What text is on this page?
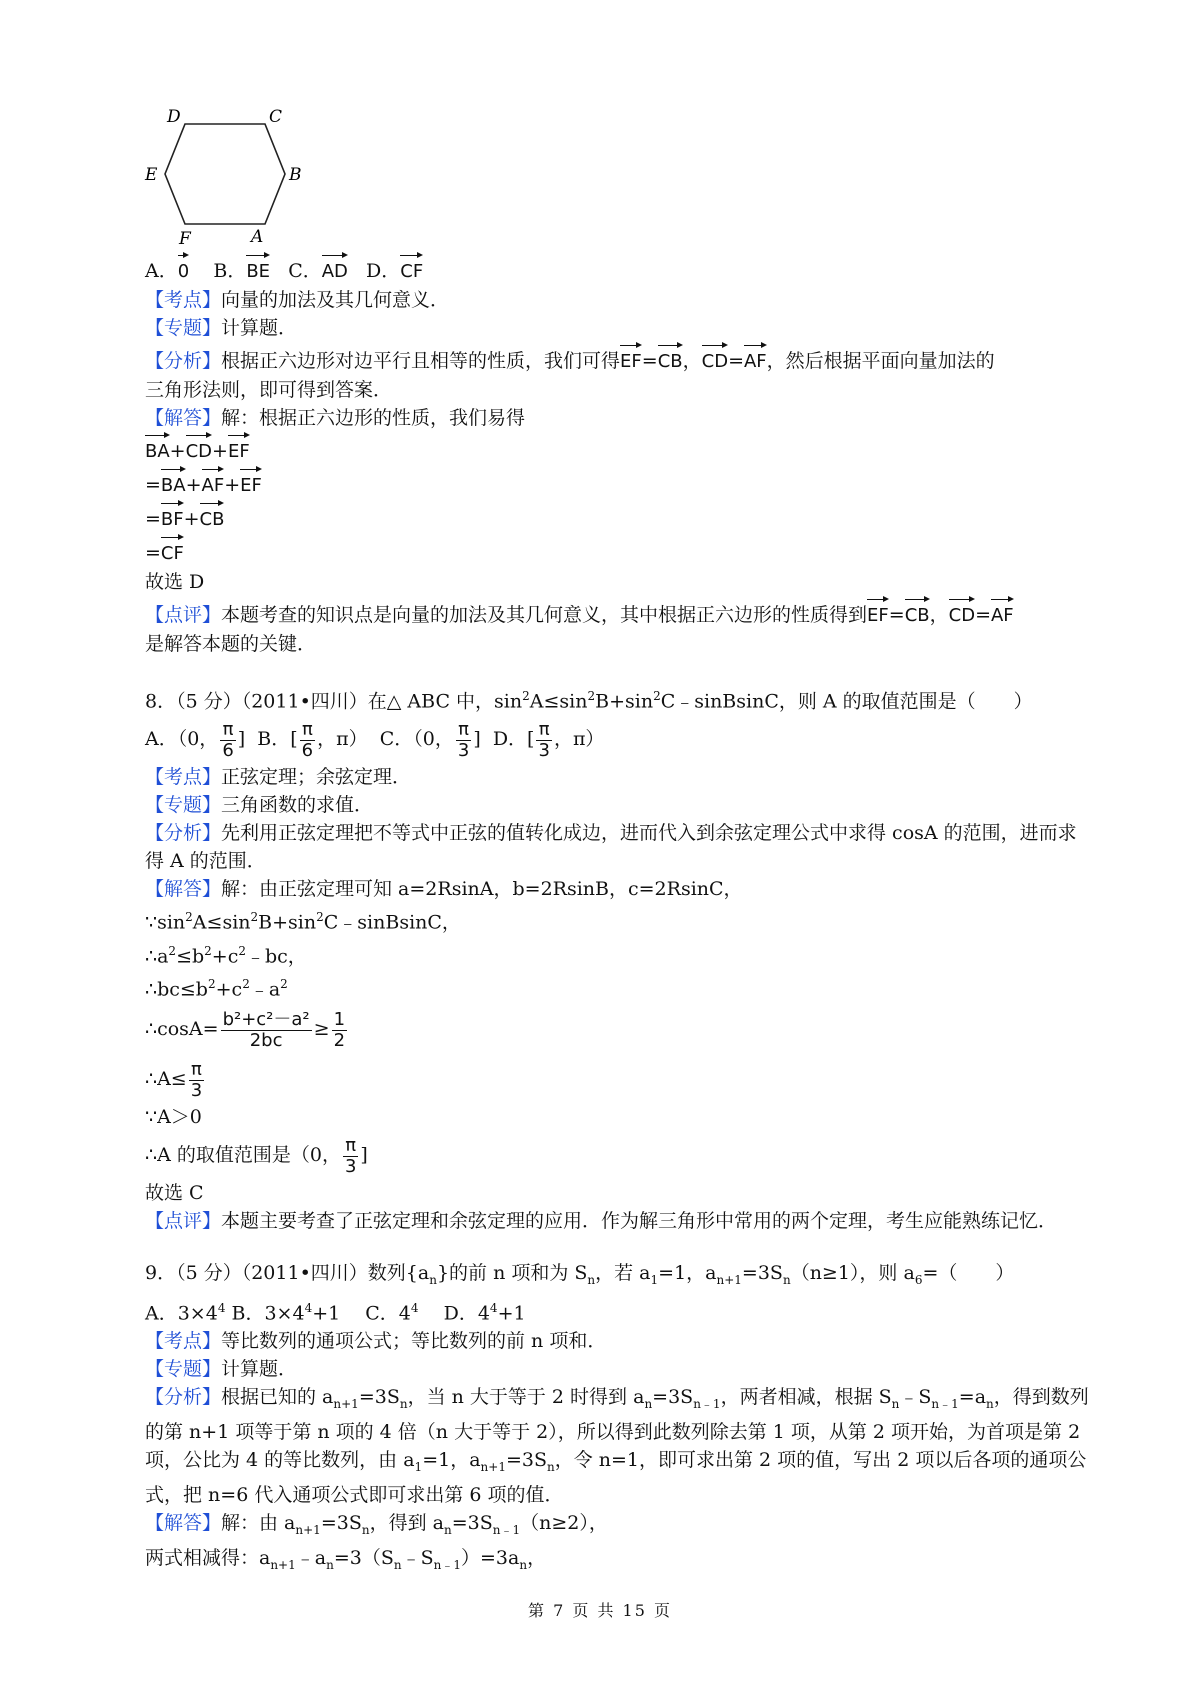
D	C
E	B
F	A
A．0 B．BE C．AD D．CF
【考点】向量的加法及其几何意义．
【专题】计算题．
【分析】根据正六边形对边平行且相等的性质，我们可得EF=CB，CD=AF，然后根据平面向量加法的
三角形法则，即可得到答案．
【解答】解：根据正六边形的性质，我们易得
BA+CD+EF
=BA+AF+EF
=BF+CB
=CF
故选 D
【点评】本题考查的知识点是向量的加法及其几何意义，其中根据正六边形的性质得到EF=CB，CD=AF
是解答本题的关键．
8．（5 分）（2011•四川）在△ ABC 中，$\sin^2A\le\sin^2B+\sin^2C﹣sinBsinC$，则 A 的取值范围是（　　）
A．（0， $\frac{\pi}{6}$ ] B．[ $\frac{\pi}{6}$ ，π） C．（0， $\frac{\pi}{3}$ ] D．[ $\frac{\pi}{3}$ ，π）
【考点】正弦定理；余弦定理．
【专题】三角函数的求值．
【分析】先利用正弦定理把不等式中正弦的值转化成边，进而代入到余弦定理公式中求得 cosA 的范围，进而求得 A 的范围．
【解答】解：由正弦定理可知 a=2RsinA，b=2RsinB，c=2RsinC，
$\because\sin^2A\le\sin^2B+\sin^2C﹣sinBsinC$，
$\therefore a^2\le b^2+c^2﹣bc$，
$\therefore bc\le b^2+c^2﹣a^2$
∴cosA= $\frac{\text{b²+c²－a²}}{2bc} \ge \frac{1}{2}$
∴A≤ $\frac{\pi}{3}$
∵A＞0
∴A 的取值范围是（0， $\frac{\pi}{3}$ ]
故选 C
【点评】本题主要考查了正弦定理和余弦定理的应用．作为解三角形中常用的两个定理，考生应能熟练记忆．
9．（5 分）（2011•四川）数列$\{a_n\}$的前 n 项和为 $S_n$，若 $a_1=1$，$a_{n+1}=3S_n(n\ge 1)$，则 $a_6=$（　　）
A．$3\times 4^4$ B．$3\times 4^4+1$　 C．$4^4$　 D．$4^4+1$
【考点】等比数列的通项公式；等比数列的前 n 项和．
【专题】计算题．
【分析】根据已知的 $a_{n+1}=3S_n$，当 n 大于等于 2 时得到 $a_n=3S_{n﹣1}$，两者相减，根据 $S_n﹣S_{n﹣1}=a_n$，得到数列的第 n+1 项等于第 n 项的 4 倍（n 大于等于 2），所以得到此数列除去第 1 项，从第 2 项开始，为首项是第 2 项，公比为 4 的等比数列，由 $a_1=1$，$a_{n+1}=3S_n$，令 n=1，即可求出第 2 项的值，写出 2 项以后各项的通项公式，把 n=6 代入通项公式即可求出第 6 项的值．
【解答】解：由 $a_{n+1}=3S_n$，得到 $a_n=3S_{n﹣1}(n\ge 2)$，
两式相减得：$a_{n+1}﹣a_n=3(S_n﹣S_{n﹣1})=3a_n$，
第 7 页 共 15 页
